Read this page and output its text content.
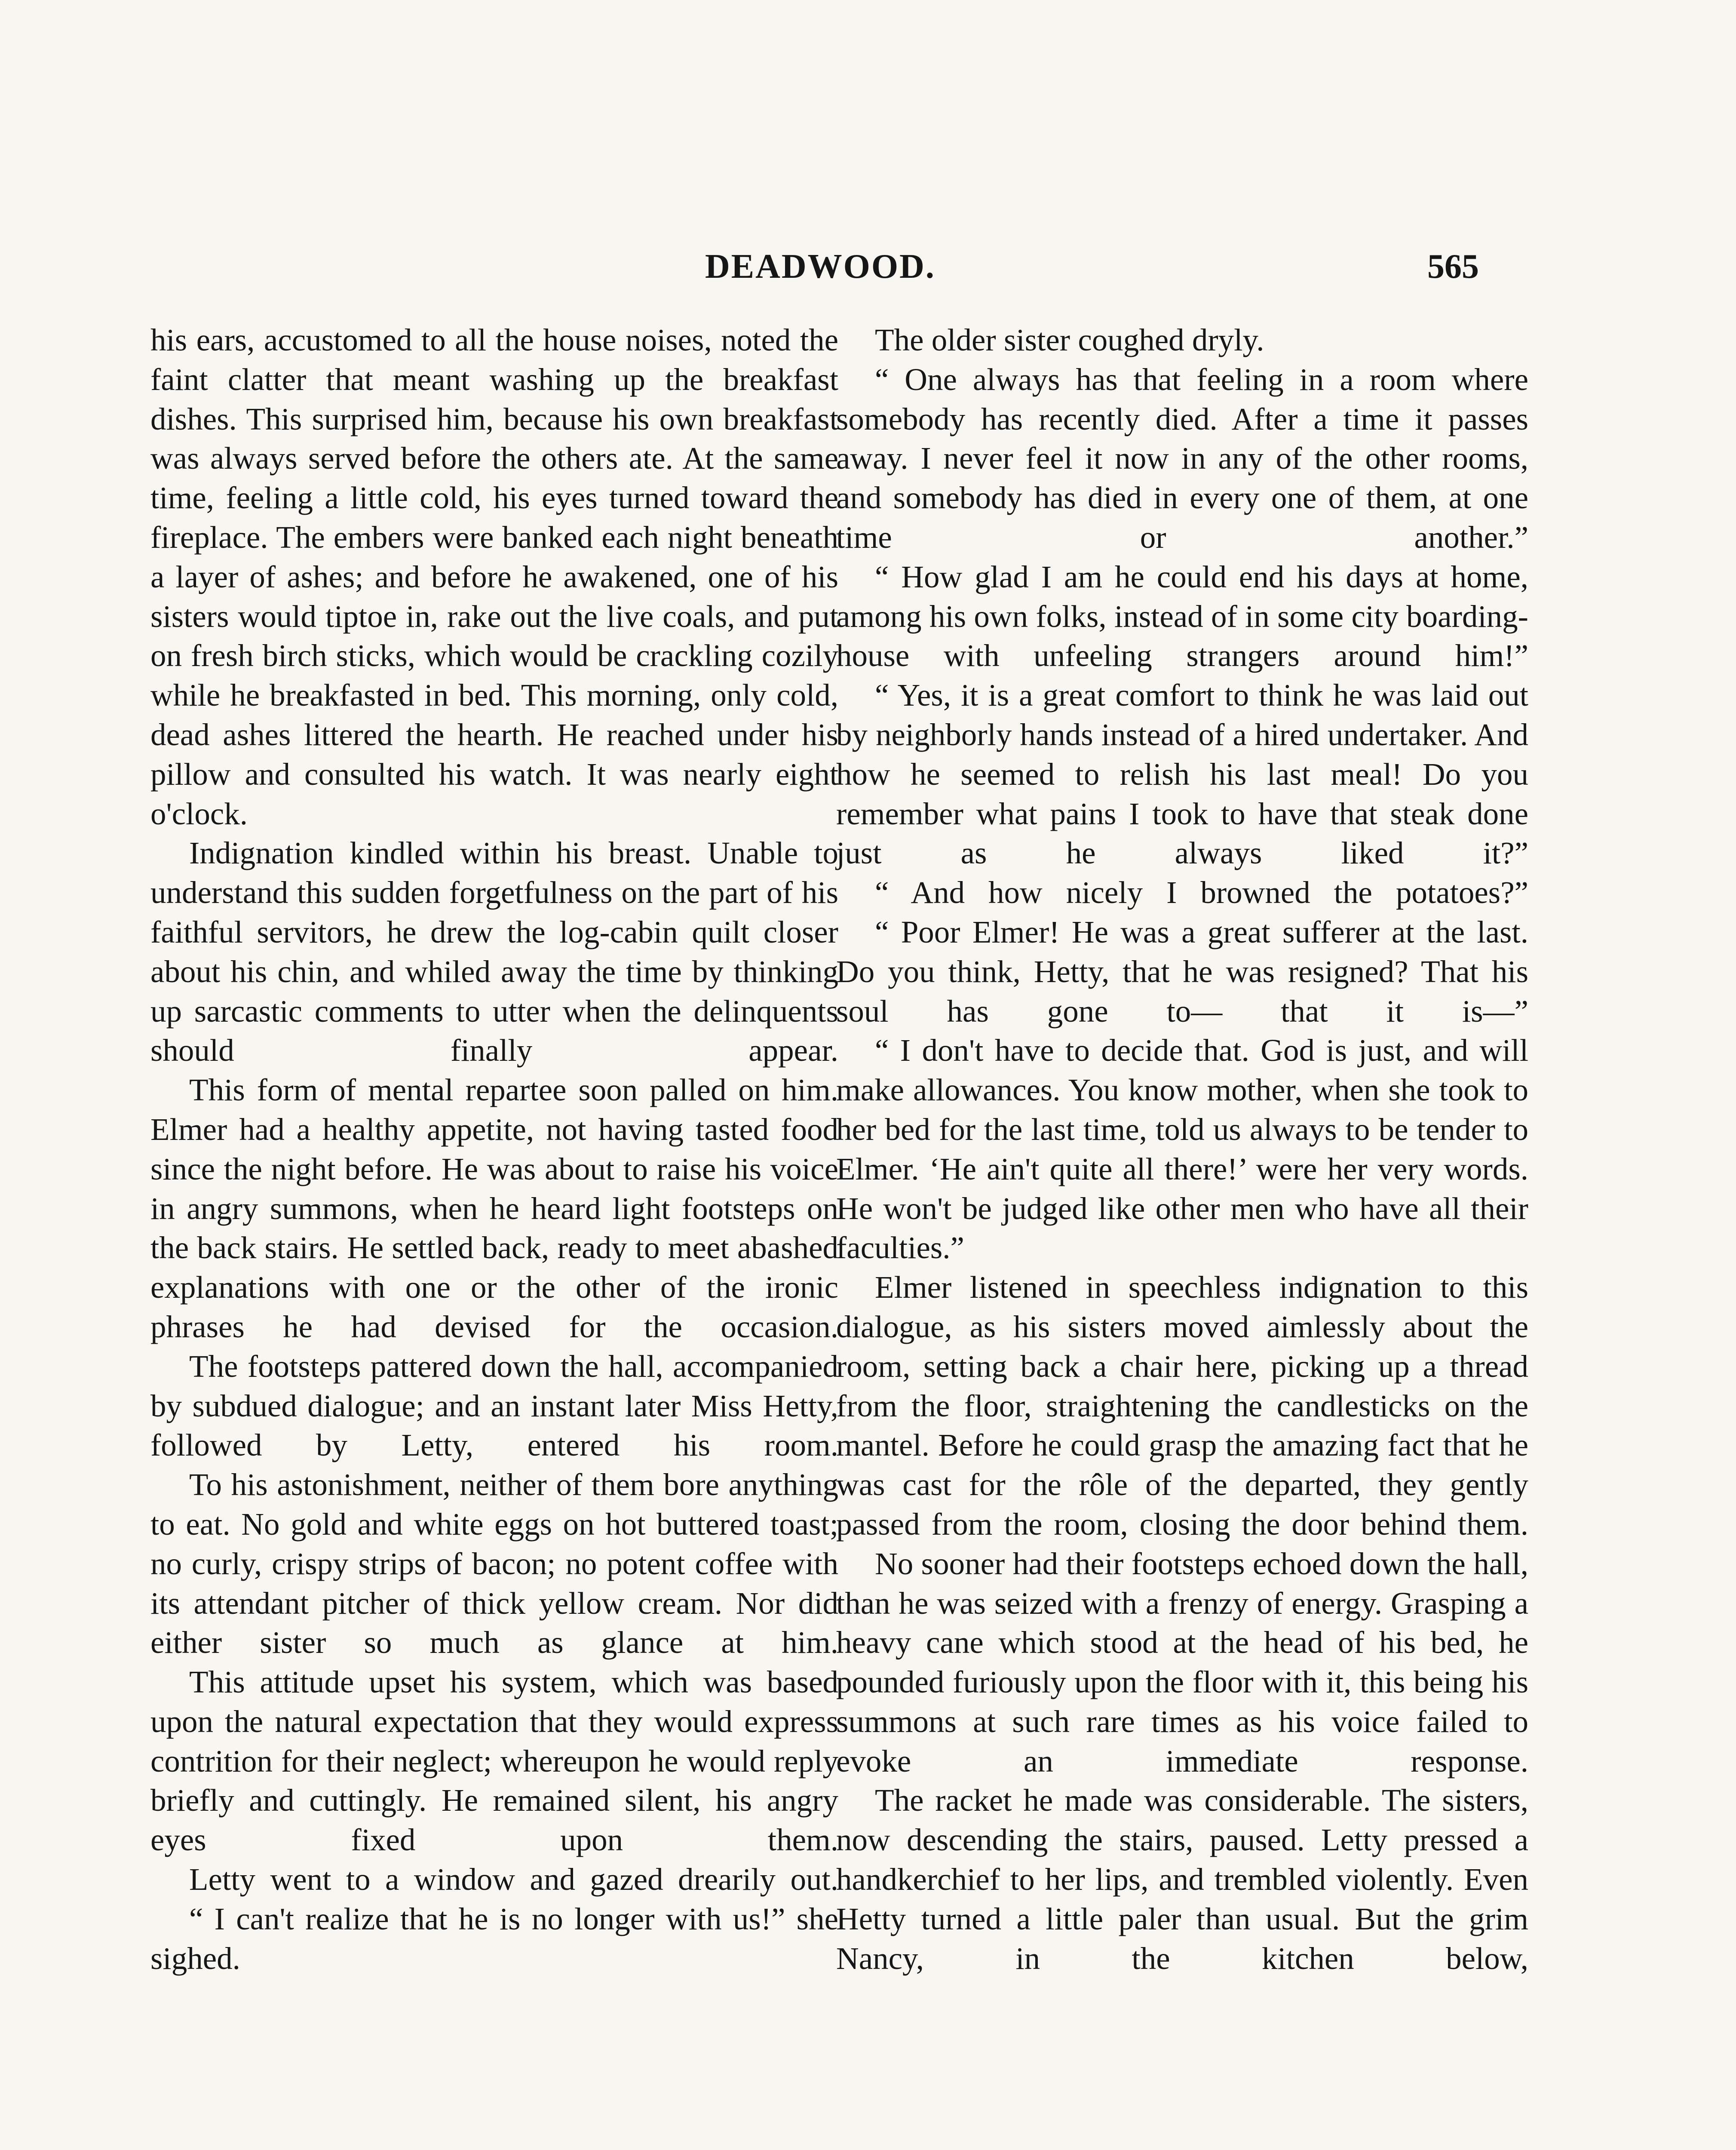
DEADWOOD.	565

his ears, accustomed to all the house noises, noted the faint clatter that meant washing up the breakfast dishes. This surprised him, because his own breakfast was always served before the others ate. At the same time, feeling a little cold, his eyes turned toward the fireplace. The embers were banked each night beneath a layer of ashes; and before he awakened, one of his sisters would tiptoe in, rake out the live coals, and put on fresh birch sticks, which would be crackling cozily while he breakfasted in bed. This morning, only cold, dead ashes littered the hearth. He reached under his pillow and consulted his watch. It was nearly eight o'clock.

Indignation kindled within his breast. Unable to understand this sudden forgetfulness on the part of his faithful servitors, he drew the log-cabin quilt closer about his chin, and whiled away the time by thinking up sarcastic comments to utter when the delinquents should finally appear.

This form of mental repartee soon palled on him. Elmer had a healthy appetite, not having tasted food since the night before. He was about to raise his voice in angry summons, when he heard light footsteps on the back stairs. He settled back, ready to meet abashed explanations with one or the other of the ironic phrases he had devised for the occasion.

The footsteps pattered down the hall, accompanied by subdued dialogue; and an instant later Miss Hetty, followed by Letty, entered his room.

To his astonishment, neither of them bore anything to eat. No gold and white eggs on hot buttered toast; no curly, crispy strips of bacon; no potent coffee with its attendant pitcher of thick yellow cream. Nor did either sister so much as glance at him.

This attitude upset his system, which was based upon the natural expectation that they would express contrition for their neglect; whereupon he would reply briefly and cuttingly. He remained silent, his angry eyes fixed upon them.

Letty went to a window and gazed drearily out.

“ I can't realize that he is no longer with us!” she sighed.

The older sister coughed dryly.

“ One always has that feeling in a room where somebody has recently died. After a time it passes away. I never feel it now in any of the other rooms, and somebody has died in every one of them, at one time or another.”

“ How glad I am he could end his days at home, among his own folks, instead of in some city boarding-house with unfeeling strangers around him!”

“ Yes, it is a great comfort to think he was laid out by neighborly hands instead of a hired undertaker. And how he seemed to relish his last meal! Do you remember what pains I took to have that steak done just as he always liked it?”

“ And how nicely I browned the potatoes?”

“ Poor Elmer! He was a great sufferer at the last. Do you think, Hetty, that he was resigned? That his soul has gone to— that it is—”

“ I don't have to decide that. God is just, and will make allowances. You know mother, when she took to her bed for the last time, told us always to be tender to Elmer. ‘He ain't quite all there!’ were her very words. He won't be judged like other men who have all their faculties.”

Elmer listened in speechless indignation to this dialogue, as his sisters moved aimlessly about the room, setting back a chair here, picking up a thread from the floor, straightening the candlesticks on the mantel. Before he could grasp the amazing fact that he was cast for the rôle of the departed, they gently passed from the room, closing the door behind them.

No sooner had their footsteps echoed down the hall, than he was seized with a frenzy of energy. Grasping a heavy cane which stood at the head of his bed, he pounded furiously upon the floor with it, this being his summons at such rare times as his voice failed to evoke an immediate response.

The racket he made was considerable. The sisters, now descending the stairs, paused. Letty pressed a handkerchief to her lips, and trembled violently. Even Hetty turned a little paler than usual. But the grim Nancy, in the kitchen below,
